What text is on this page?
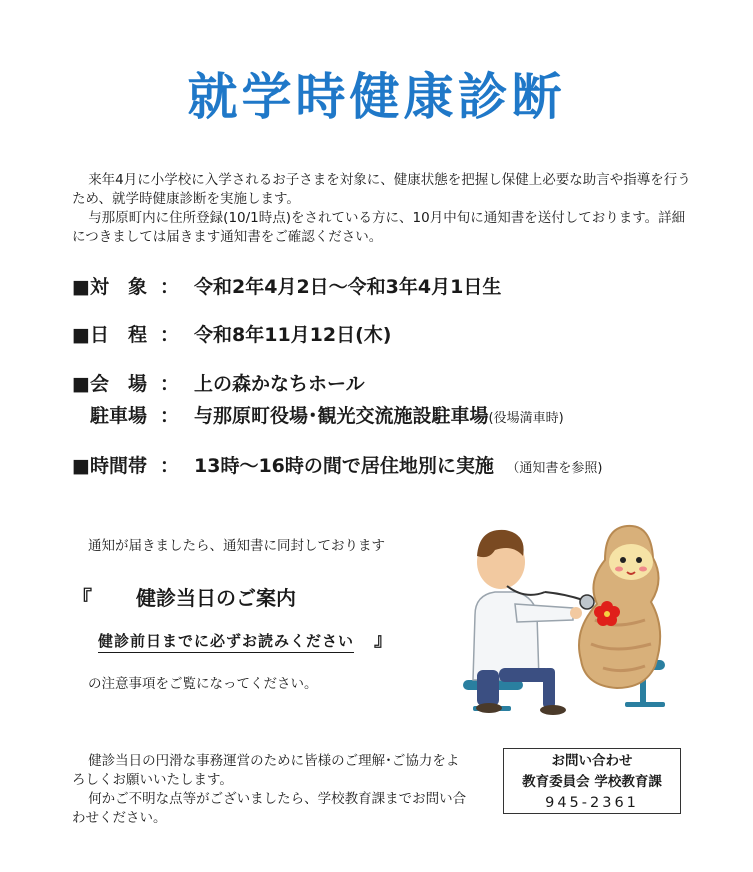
就学時健康診断

来年4月に小学校に入学されるお子さまを対象に、健康状態を把握し保健上必要な助言や指導を行うため、就学時健康診断を実施します。

与那原町内に住所登録(10/1時点)をされている方に、10月中旬に通知書を送付しております。詳細につきましては届きます通知書をご確認ください。

■対　象 ： 令和2年4月2日～令和3年4月1日生
■日　程 ： 令和8年11月12日(木)
■会　場 ： 上の森かなちホール
駐車場 ： 与那原町役場･観光交流施設駐車場(役場満車時)
■時間帯 ： 13時～16時の間で居住地別に実施　 （通知書を参照)
通知が届きましたら、通知書に同封しております
『 健診当日のご案内
健診前日までに必ずお読みください 』
の注意事項をご覧になってください。

健診当日の円滑な事務運営のために皆様のご理解･ご協力をよろしくお願いいたします。

何かご不明な点等がございましたら、学校教育課までお問い合わせください。

お問い合わせ
教育委員会 学校教育課
945-2361
